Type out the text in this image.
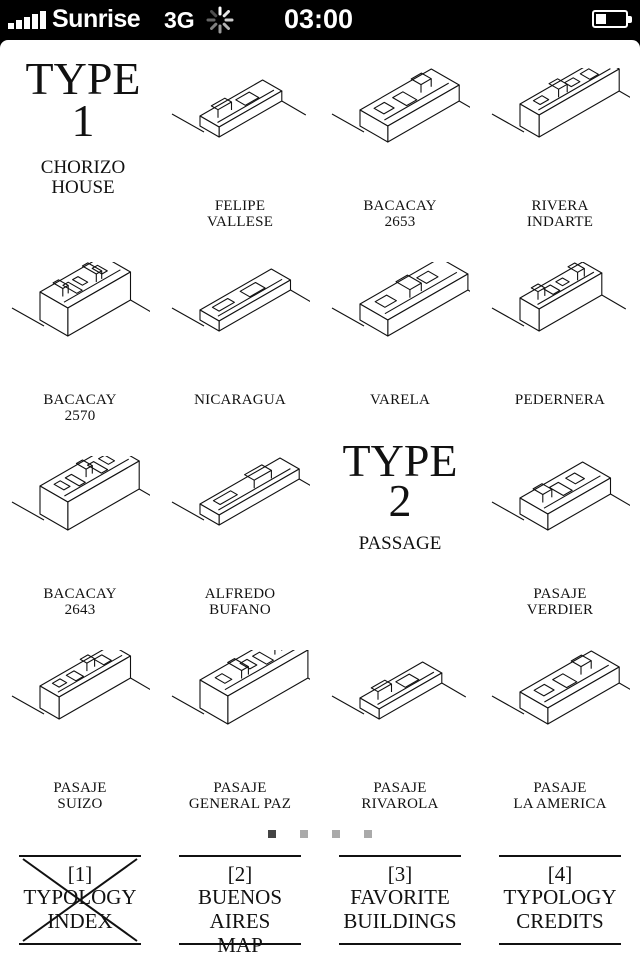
Sunrise 3G	03:00
TYPE
1
CHORIZO
HOUSE
FELIPE
VALLESE
BACACAY
2653
RIVERA
INDARTE
BACACAY
2570
NICARAGUA	VARELA	PEDERNERA
BACACAY
2643
ALFREDO
BUFANO
TYPE
2
PASSAGE
PASAJE
VERDIER
PASAJE
SUIZO
PASAJE
GENERAL PAZ
PASAJE
RIVAROLA
PASAJE
LA AMERICA
[1]
TYPOLOGY
INDEX
[2]
BUENOS AIRES
MAP
[3]
FAVORITE
BUILDINGS
[4]
TYPOLOGY
CREDITS
